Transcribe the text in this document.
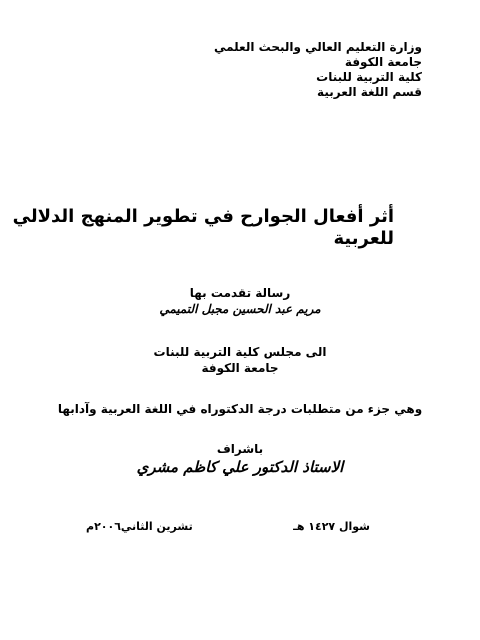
وزارة التعليم العالي والبحث العلمي
جامعة الكوفة
كلية التربية للبنات
قسم اللغة العربية
أثر أفعال الجوارح في تطوير المنهج الدلالي
للعربية
رسالة تقدمت بها
مريم عبد الحسين مجبل التميمي
الى مجلس كلية التربية للبنات
جامعة الكوفة
وهي جزء من متطلبات درجة الدكتوراه في اللغة العربية وآدابها
باشراف
الاستاذ الدكتور علي كاظم مشري
شوال ١٤٢٧ هـ
تشرين الثاني٢٠٠٦م
